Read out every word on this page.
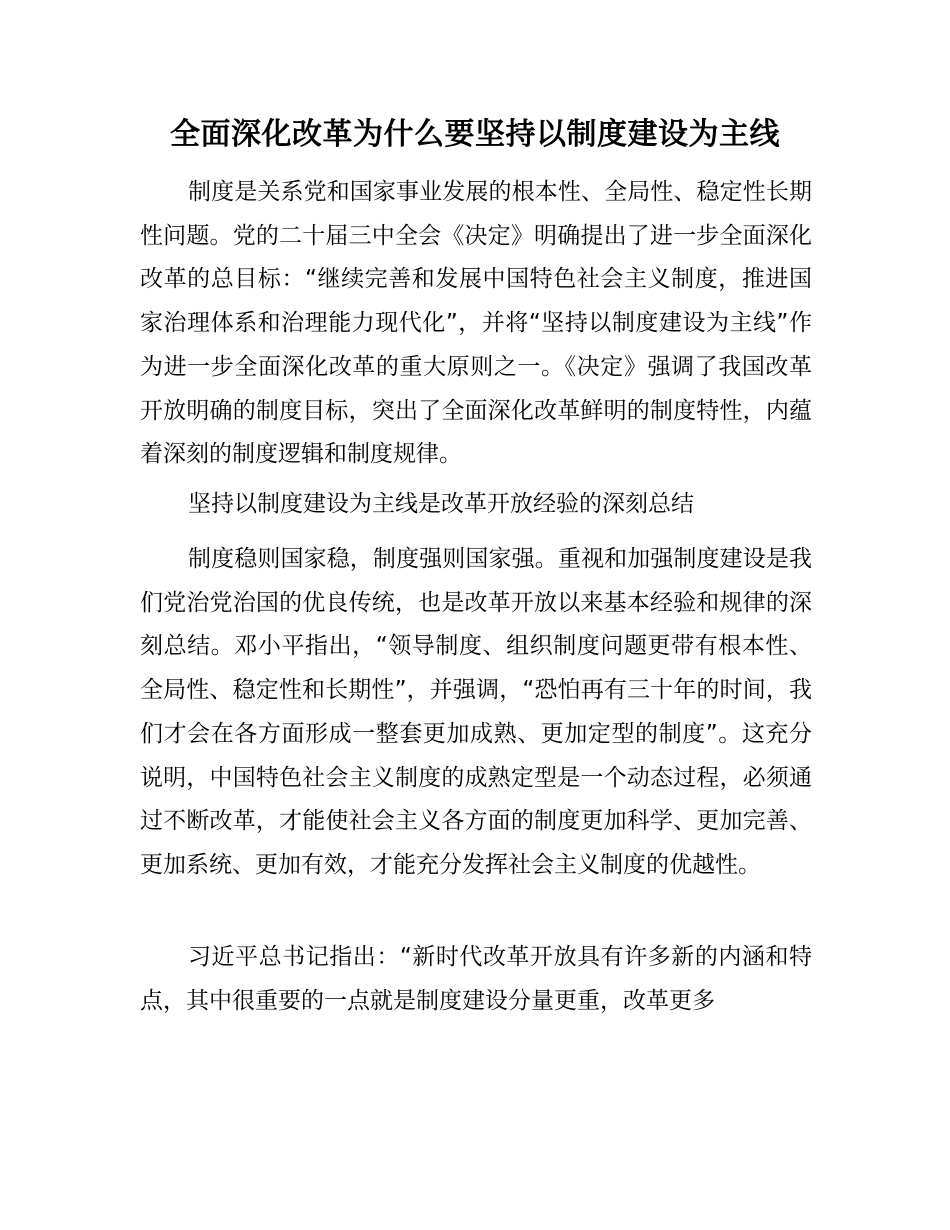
全面深化改革为什么要坚持以制度建设为主线

制度是关系党和国家事业发展的根本性、全局性、稳定性长期性问题。党的二十届三中全会《决定》明确提出了进一步全面深化改革的总目标：“继续完善和发展中国特色社会主义制度，推进国家治理体系和治理能力现代化”，并将“坚持以制度建设为主线”作为进一步全面深化改革的重大原则之一。《决定》强调了我国改革开放明确的制度目标，突出了全面深化改革鲜明的制度特性，内蕴着深刻的制度逻辑和制度规律。

坚持以制度建设为主线是改革开放经验的深刻总结

制度稳则国家稳，制度强则国家强。重视和加强制度建设是我们党治党治国的优良传统，也是改革开放以来基本经验和规律的深刻总结。邓小平指出，“领导制度、组织制度问题更带有根本性、全局性、稳定性和长期性”，并强调，“恐怕再有三十年的时间，我们才会在各方面形成一整套更加成熟、更加定型的制度”。这充分说明，中国特色社会主义制度的成熟定型是一个动态过程，必须通过不断改革，才能使社会主义各方面的制度更加科学、更加完善、更加系统、更加有效，才能充分发挥社会主义制度的优越性。

习近平总书记指出：“新时代改革开放具有许多新的内涵和特点，其中很重要的一点就是制度建设分量更重，改革更多
